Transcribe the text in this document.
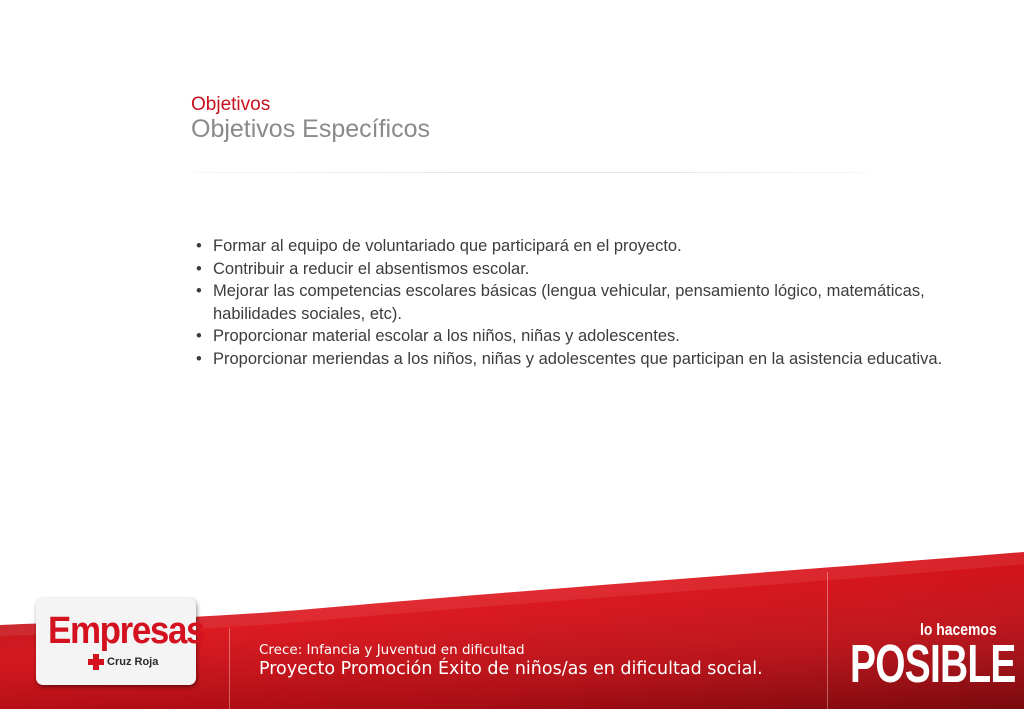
Objetivos
Objetivos Específicos
• Formar al equipo de voluntariado que participará en el proyecto.
• Contribuir a reducir el absentismos escolar.
• Mejorar las competencias escolares básicas (lengua vehicular, pensamiento lógico, matemáticas, habilidades sociales, etc).
• Proporcionar material escolar a los niños, niñas y adolescentes.
• Proporcionar meriendas a los niños, niñas y adolescentes que participan en la asistencia educativa.
Empresas
Cruz Roja
Crece: Infancia y Juventud en dificultad
Proyecto Promoción Éxito de niños/as en dificultad social.
lo hacemos
POSIBLE
